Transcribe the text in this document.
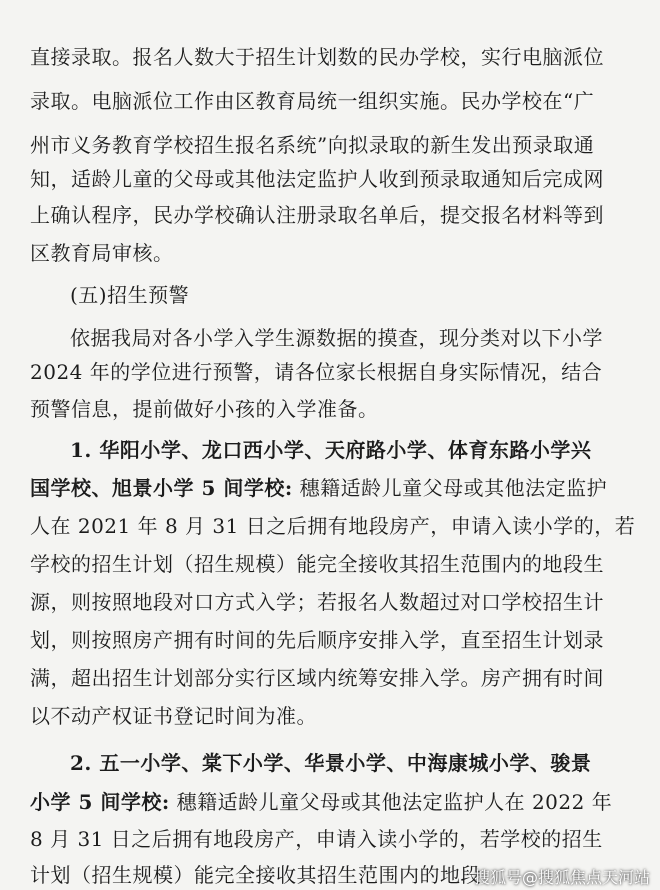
直接录取。报名人数大于招生计划数的民办学校，实行电脑派位
录取。电脑派位工作由区教育局统一组织实施。民办学校在“广
州市义务教育学校招生报名系统”向拟录取的新生发出预录取通
知，适龄儿童的父母或其他法定监护人收到预录取通知后完成网
上确认程序，民办学校确认注册录取名单后，提交报名材料等到
区教育局审核。
(五)招生预警
依据我局对各小学入学生源数据的摸查，现分类对以下小学
2024 年的学位进行预警，请各位家长根据自身实际情况，结合
预警信息，提前做好小孩的入学准备。
1. 华阳小学、龙口西小学、天府路小学、体育东路小学兴
国学校、旭景小学 5 间学校: 穗籍适龄儿童父母或其他法定监护
人在 2021 年 8 月 31 日之后拥有地段房产，申请入读小学的，若
学校的招生计划（招生规模）能完全接收其招生范围内的地段生
源，则按照地段对口方式入学；若报名人数超过对口学校招生计
划，则按照房产拥有时间的先后顺序安排入学，直至招生计划录
满，超出招生计划部分实行区域内统筹安排入学。房产拥有时间
以不动产权证书登记时间为准。
2. 五一小学、棠下小学、华景小学、中海康城小学、骏景
小学 5 间学校: 穗籍适龄儿童父母或其他法定监护人在 2022 年
8 月 31 日之后拥有地段房产，申请入读小学的，若学校的招生
计划（招生规模）能完全接收其招生范围内的地段
搜狐号@搜狐焦点天河站
